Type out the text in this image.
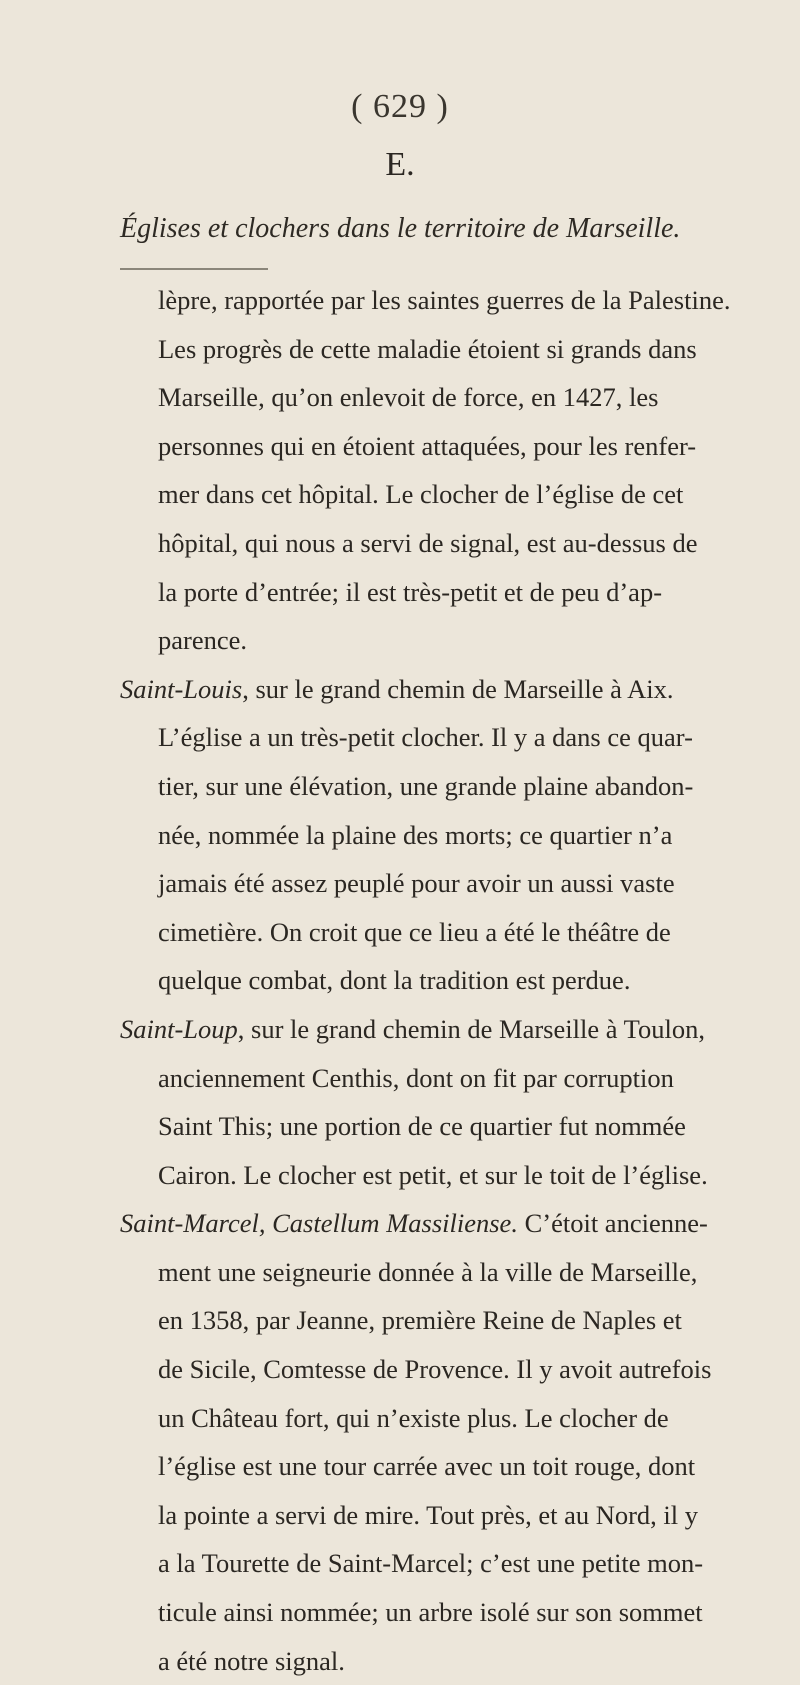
( 629 )
E.
Églises et clochers dans le territoire de Marseille.
lèpre, rapportée par les saintes guerres de la Palestine.
Les progrès de cette maladie étoient si grands dans
Marseille, qu’on enlevoit de force, en 1427, les
personnes qui en étoient attaquées, pour les renfer-
mer dans cet hôpital. Le clocher de l’église de cet
hôpital, qui nous a servi de signal, est au-dessus de
la porte d’entrée; il est très-petit et de peu d’ap-
parence.
Saint-Louis, sur le grand chemin de Marseille à Aix.
L’église a un très-petit clocher. Il y a dans ce quar-
tier, sur une élévation, une grande plaine abandon-
née, nommée la plaine des morts; ce quartier n’a
jamais été assez peuplé pour avoir un aussi vaste
cimetière. On croit que ce lieu a été le théâtre de
quelque combat, dont la tradition est perdue.
Saint-Loup, sur le grand chemin de Marseille à Toulon,
anciennement Centhis, dont on fit par corruption
Saint This; une portion de ce quartier fut nommée
Cairon. Le clocher est petit, et sur le toit de l’église.
Saint-Marcel, Castellum Massiliense. C’étoit ancienne-
ment une seigneurie donnée à la ville de Marseille,
en 1358, par Jeanne, première Reine de Naples et
de Sicile, Comtesse de Provence. Il y avoit autrefois
un Château fort, qui n’existe plus. Le clocher de
l’église est une tour carrée avec un toit rouge, dont
la pointe a servi de mire. Tout près, et au Nord, il y
a la Tourette de Saint-Marcel; c’est une petite mon-
ticule ainsi nommée; un arbre isolé sur son sommet
a été notre signal.
